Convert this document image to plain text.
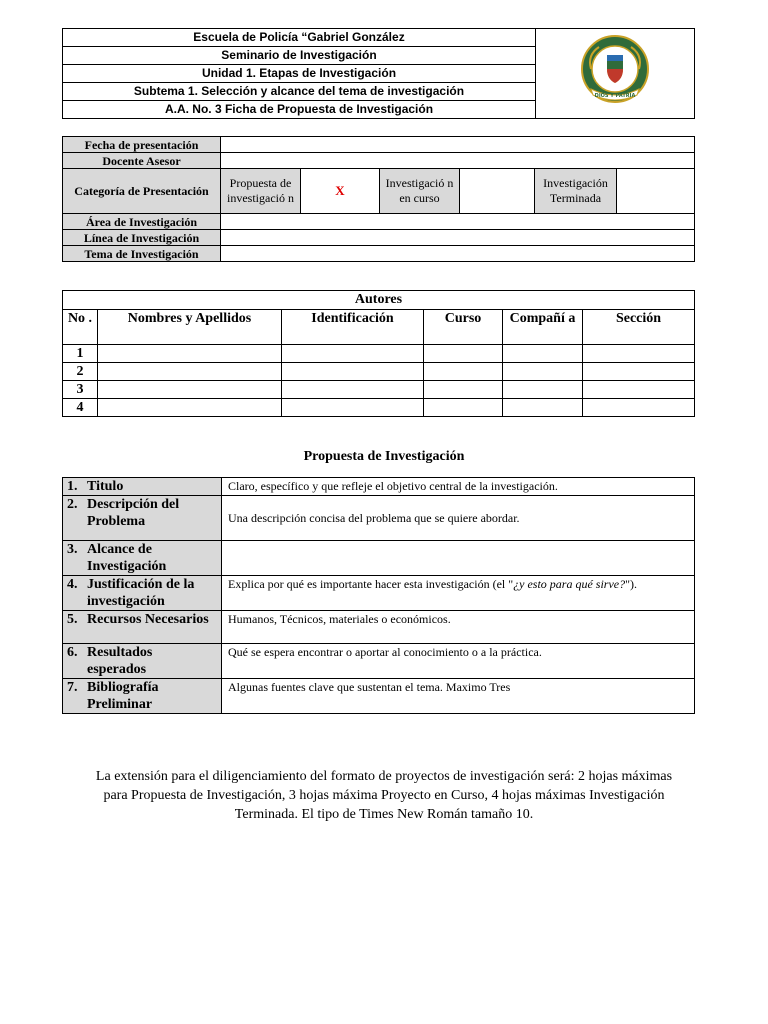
Escuela de Policía “Gabriel González	
DIOS Y PATRIA

Seminario de Investigación
Unidad 1. Etapas de Investigación
Subtema 1. Selección y alcance del tema de investigación
A.A. No. 3 Ficha de Propuesta de Investigación
Fecha de presentación						
Docente Asesor						
Categoría de Presentación	Propuesta de investigació n	X	Investigació n en curso		Investigación Terminada	
Área de Investigación						
Línea de Investigación						
Tema de Investigación						
Autores					
No .	Nombres y Apellidos	Identificación	Curso	Compañí a	Sección
1					
2					
3					
4					
Propuesta de Investigación
1. Titulo	Claro, específico y que refleje el objetivo central de la investigación.
2. Descripción del Problema	Una descripción concisa del problema que se quiere abordar.
3. Alcance de Investigación	
4. Justificación de la investigación	Explica por qué es importante hacer esta investigación (el "¿y esto para qué sirve?").
5. Recursos Necesarios	Humanos, Técnicos, materiales o económicos.
6. Resultados esperados	Qué se espera encontrar o aportar al conocimiento o a la práctica.
7. Bibliografía Preliminar	Algunas fuentes clave que sustentan el tema. Maximo Tres
La extensión para el diligenciamiento del formato de proyectos de investigación será: 2 hojas máximas para Propuesta de Investigación, 3 hojas máxima Proyecto en Curso, 4 hojas máximas Investigación Terminada. El tipo de Times New Román tamaño 10.
